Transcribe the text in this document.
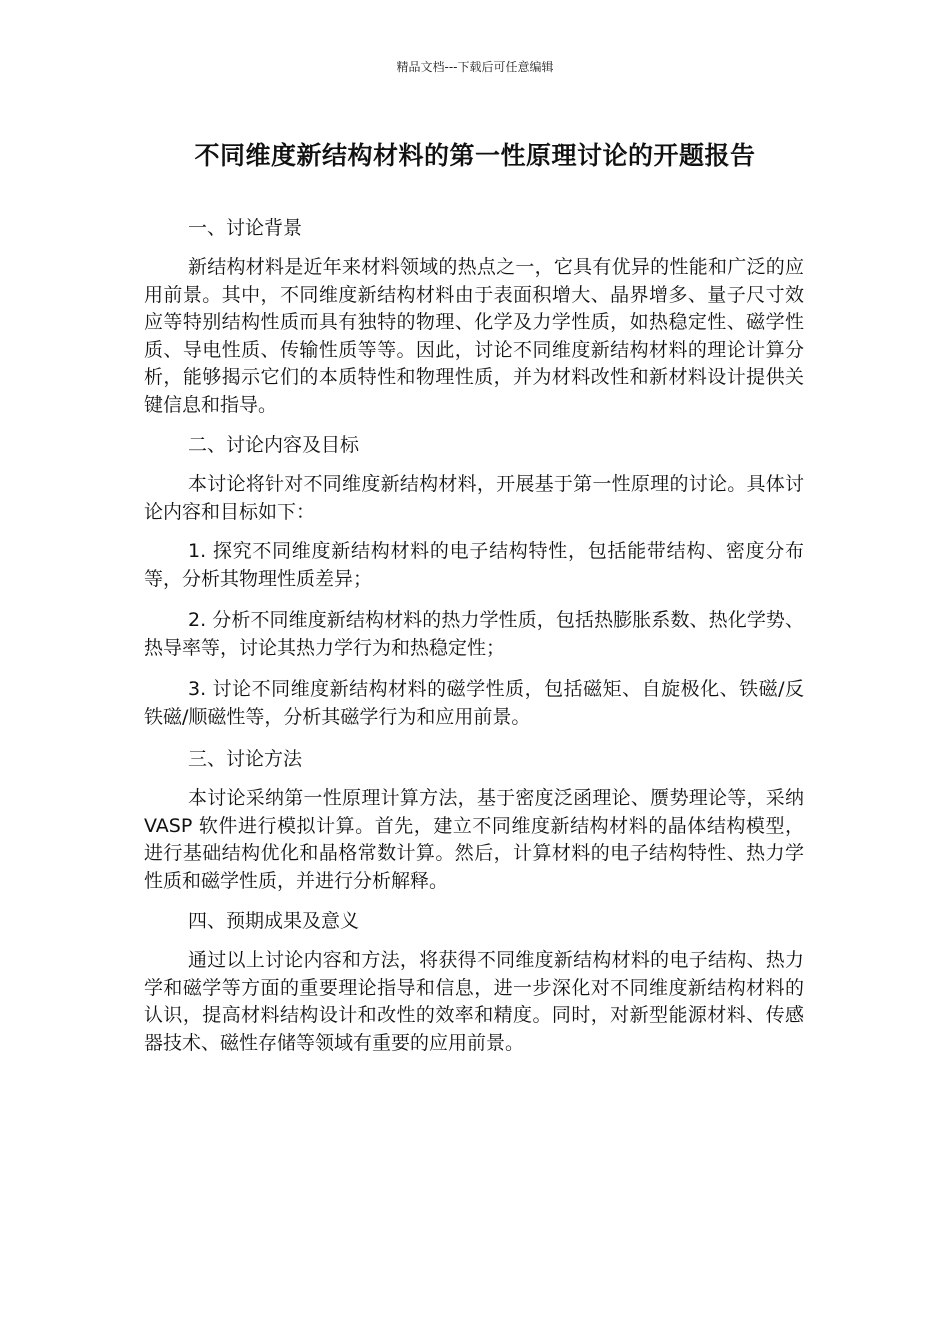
精品文档---下载后可任意编辑
不同维度新结构材料的第一性原理讨论的开题报告
一、讨论背景

新结构材料是近年来材料领域的热点之一，它具有优异的性能和广泛的应用前景。其中，不同维度新结构材料由于表面积增大、晶界增多、量子尺寸效应等特别结构性质而具有独特的物理、化学及力学性质，如热稳定性、磁学性质、导电性质、传输性质等等。因此，讨论不同维度新结构材料的理论计算分析，能够揭示它们的本质特性和物理性质，并为材料改性和新材料设计提供关键信息和指导。

二、讨论内容及目标

本讨论将针对不同维度新结构材料，开展基于第一性原理的讨论。具体讨论内容和目标如下：

1. 探究不同维度新结构材料的电子结构特性，包括能带结构、密度分布等，分析其物理性质差异；

2. 分析不同维度新结构材料的热力学性质，包括热膨胀系数、热化学势、热导率等，讨论其热力学行为和热稳定性；

3. 讨论不同维度新结构材料的磁学性质，包括磁矩、自旋极化、铁磁/反铁磁/顺磁性等，分析其磁学行为和应用前景。

三、讨论方法

本讨论采纳第一性原理计算方法，基于密度泛函理论、赝势理论等，采纳 VASP 软件进行模拟计算。首先，建立不同维度新结构材料的晶体结构模型，进行基础结构优化和晶格常数计算。然后，计算材料的电子结构特性、热力学性质和磁学性质，并进行分析解释。

四、预期成果及意义

通过以上讨论内容和方法，将获得不同维度新结构材料的电子结构、热力学和磁学等方面的重要理论指导和信息，进一步深化对不同维度新结构材料的认识，提高材料结构设计和改性的效率和精度。同时，对新型能源材料、传感器技术、磁性存储等领域有重要的应用前景。
